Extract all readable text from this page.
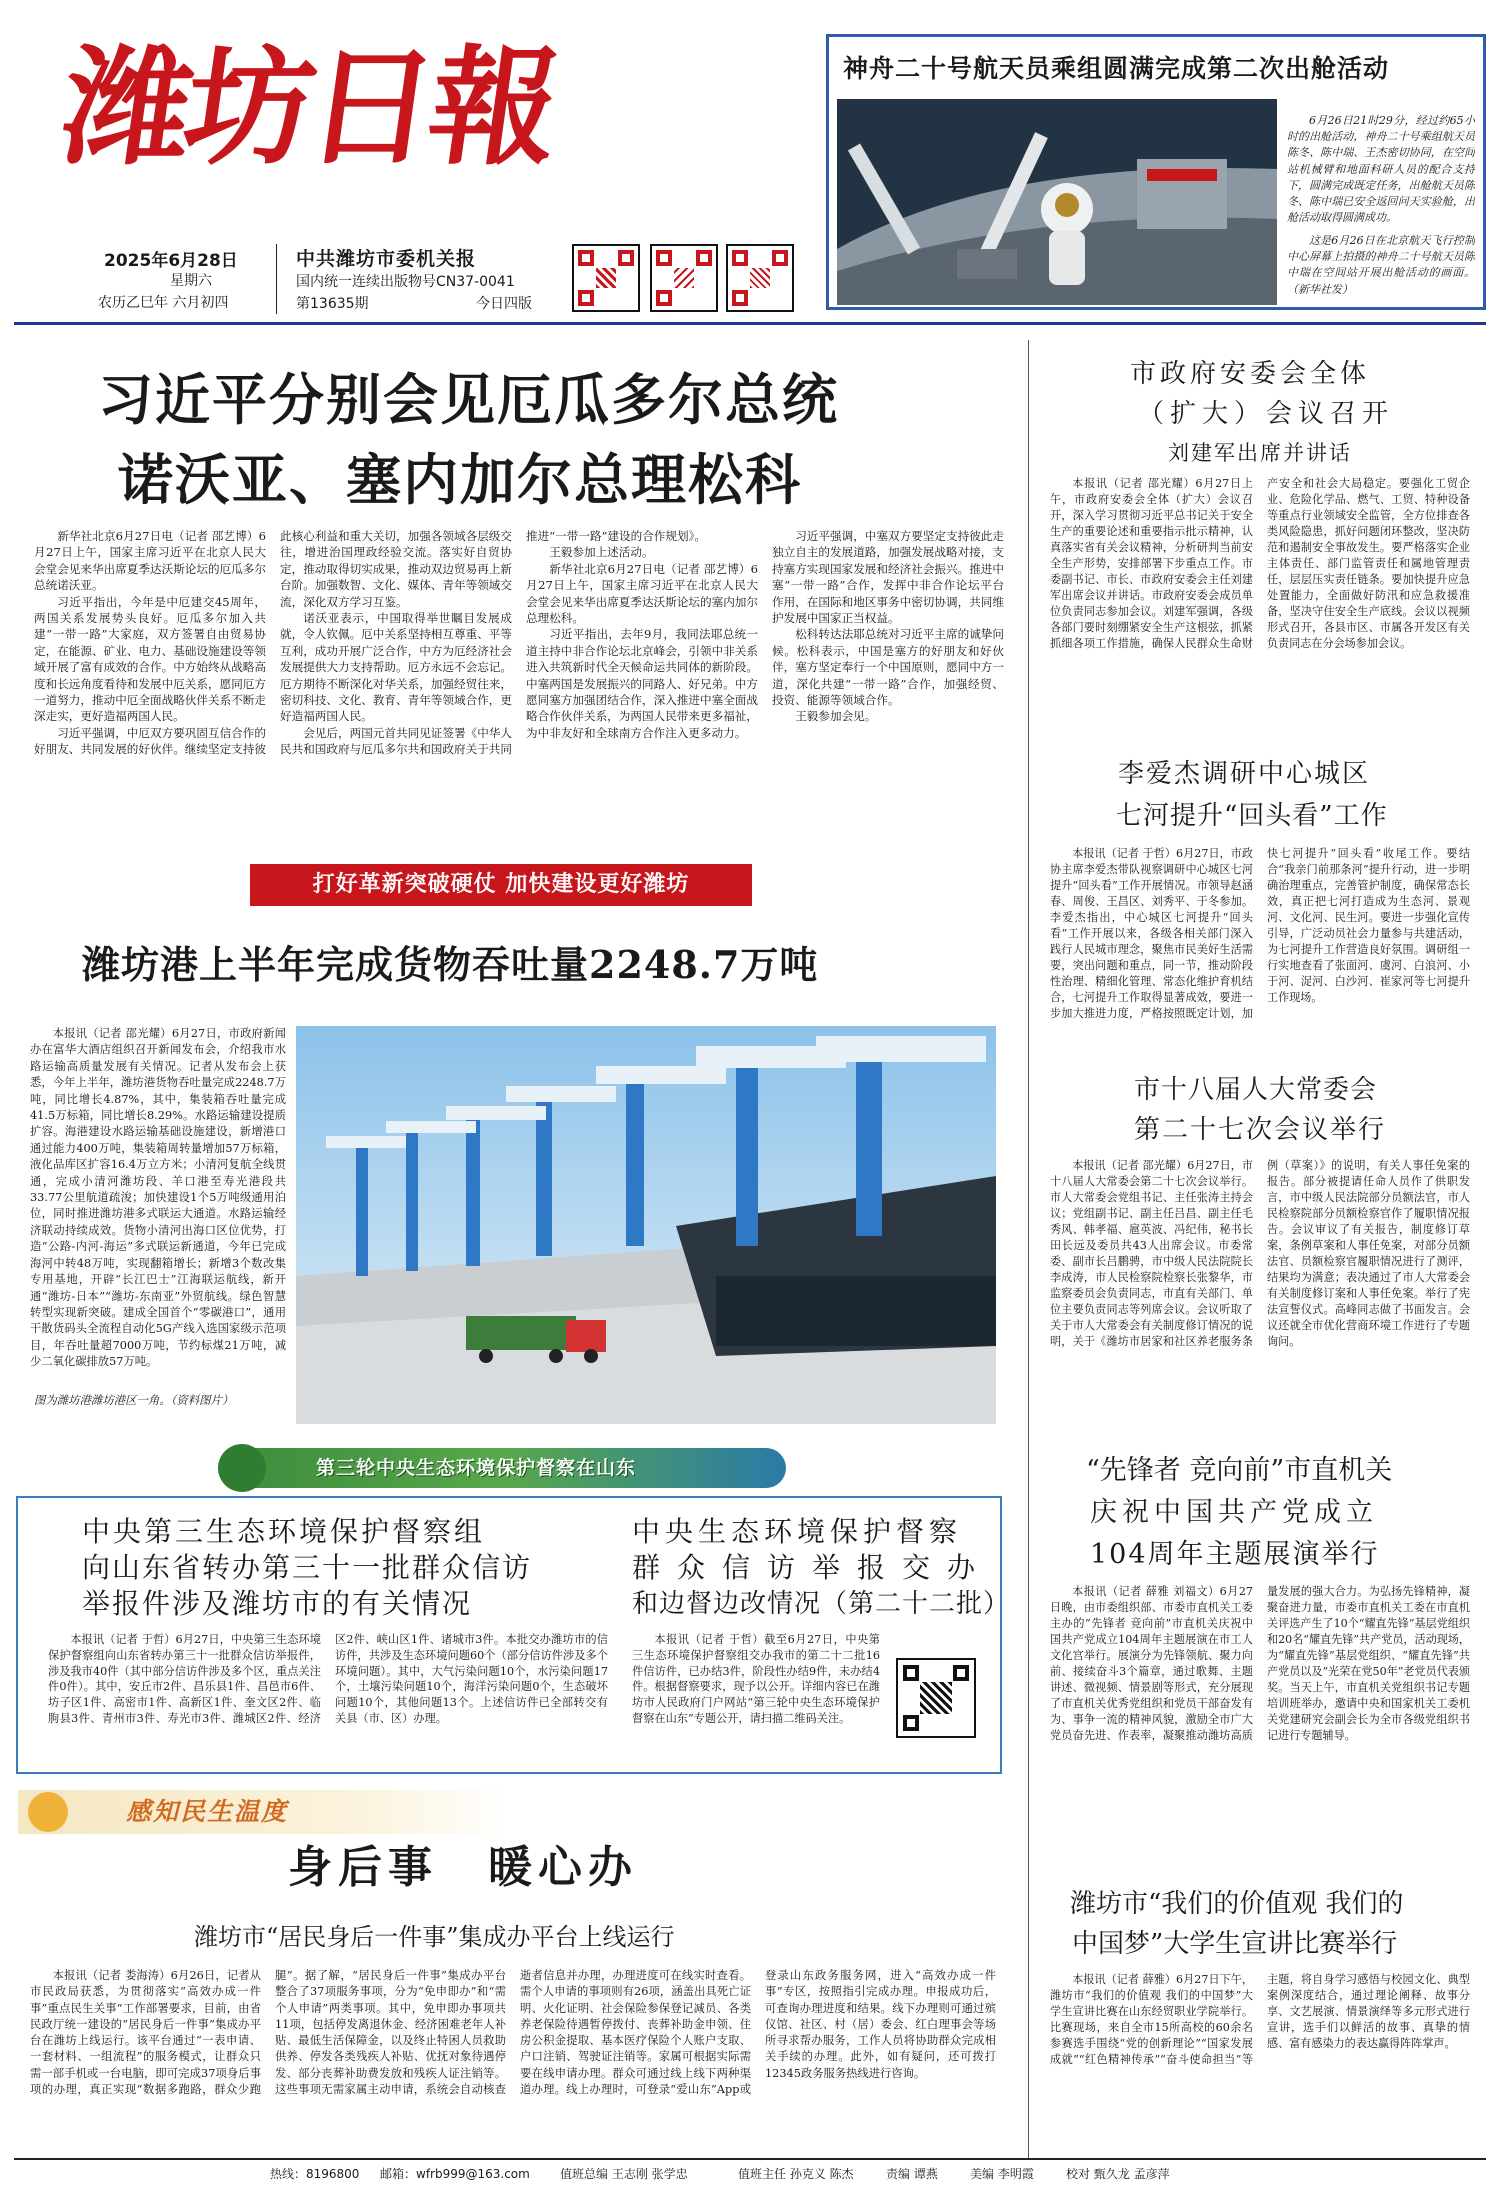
潍坊日報
2025年6月28日
星期六
农历乙巳年 六月初四
中共潍坊市委机关报
国内统一连续出版物号CN37-0041
第13635期	今日四版
神舟二十号航天员乘组圆满完成第二次出舱活动
6月26日21时29分，经过约65小时的出舱活动，神舟二十号乘组航天员陈冬、陈中瑞、王杰密切协同，在空间站机械臂和地面科研人员的配合支持下，圆满完成既定任务，出舱航天员陈冬、陈中瑞已安全返回问天实验舱，出舱活动取得圆满成功。
这是6月26日在北京航天飞行控制中心屏幕上拍摄的神舟二十号航天员陈中瑞在空间站开展出舱活动的画面。 （新华社发）
习近平分别会见厄瓜多尔总统
诺沃亚、塞内加尔总理松科

新华社北京6月27日电（记者 邵艺博）6月27日上午，国家主席习近平在北京人民大会堂会见来华出席夏季达沃斯论坛的厄瓜多尔总统诺沃亚。

习近平指出，今年是中厄建交45周年，两国关系发展势头良好。厄瓜多尔加入共建“一带一路”大家庭，双方签署自由贸易协定，在能源、矿业、电力、基础设施建设等领域开展了富有成效的合作。中方始终从战略高度和长远角度看待和发展中厄关系，愿同厄方一道努力，推动中厄全面战略伙伴关系不断走深走实，更好造福两国人民。

习近平强调，中厄双方要巩固互信合作的好朋友、共同发展的好伙伴。继续坚定支持彼此核心利益和重大关切，加强各领域各层级交往，增进治国理政经验交流。落实好自贸协定，推动取得切实成果，推动双边贸易再上新台阶。加强数智、文化、媒体、青年等领域交流，深化双方学习互鉴。

诺沃亚表示，中国取得举世瞩目发展成就，令人钦佩。厄中关系坚持相互尊重、平等互利，成功开展广泛合作，中方为厄经济社会发展提供大力支持帮助。厄方永远不会忘记。厄方期待不断深化对华关系，加强经贸往来，密切科技、文化、教育、青年等领域合作，更好造福两国人民。

会见后，两国元首共同见证签署《中华人民共和国政府与厄瓜多尔共和国政府关于共同推进“一带一路”建设的合作规划》。

王毅参加上述活动。

新华社北京6月27日电（记者 邵艺博）6月27日上午，国家主席习近平在北京人民大会堂会见来华出席夏季达沃斯论坛的塞内加尔总理松科。

习近平指出，去年9月，我同法耶总统一道主持中非合作论坛北京峰会，引领中非关系进入共筑新时代全天候命运共同体的新阶段。中塞两国是发展振兴的同路人、好兄弟。中方愿同塞方加强团结合作，深入推进中塞全面战略合作伙伴关系，为两国人民带来更多福祉，为中非友好和全球南方合作注入更多动力。

习近平强调，中塞双方要坚定支持彼此走独立自主的发展道路，加强发展战略对接，支持塞方实现国家发展和经济社会振兴。推进中塞“一带一路”合作，发挥中非合作论坛平台作用，在国际和地区事务中密切协调，共同维护发展中国家正当权益。

松科转达法耶总统对习近平主席的诚挚问候。松科表示，中国是塞方的好朋友和好伙伴，塞方坚定奉行一个中国原则，愿同中方一道，深化共建“一带一路”合作，加强经贸、投资、能源等领域合作。

王毅参加会见。

打好革新突破硬仗 加快建设更好潍坊
潍坊港上半年完成货物吞吐量2248.7万吨
本报讯（记者 邵光耀）6月27日，市政府新闻办在富华大酒店组织召开新闻发布会，介绍我市水路运输高质量发展有关情况。记者从发布会上获悉，今年上半年，潍坊港货物吞吐量完成2248.7万吨，同比增长4.87%，其中，集装箱吞吐量完成41.5万标箱，同比增长8.29%。水路运输建设提质扩容。海港建设水路运输基础设施建设，新增港口通过能力400万吨，集装箱周转量增加57万标箱，液化品库区扩容16.4万立方米；小清河复航全线贯通，完成小清河潍坊段、羊口港至寿光港段共33.77公里航道疏浚；加快建设1个5万吨级通用泊位，同时推进潍坊港多式联运大通道。水路运输经济联动持续成效。货物小清河出海口区位优势，打造“公路-内河-海运”多式联运新通道，今年已完成海河中转48万吨，实现翻箱增长；新增3个数改集专用基地，开辟“长江巴士”江海联运航线，新开通“潍坊-日本”“潍坊-东南亚”外贸航线。绿色智慧转型实现新突破。建成全国首个“零碳港口”，通用干散货码头全流程自动化5G产线入选国家级示范项目，年吞吐量超7000万吨，节约标煤21万吨，减少二氧化碳排放57万吨。
图为潍坊港潍坊港区一角。（资料图片）
第三轮中央生态环境保护督察在山东
中央第三生态环境保护督察组
向山东省转办第三十一批群众信访
举报件涉及潍坊市的有关情况
本报讯（记者 于哲）6月27日，中央第三生态环境保护督察组向山东省转办第三十一批群众信访举报件，涉及我市40件（其中部分信访件涉及多个区，重点关注件0件）。其中，安丘市2件、昌乐县1件、昌邑市6件、坊子区1件、高密市1件、高新区1件、奎文区2件、临朐县3件、青州市3件、寿光市3件、潍城区2件、经济区2件、峡山区1件、诸城市3件。本批交办潍坊市的信访件，共涉及生态环境问题60个（部分信访件涉及多个环境问题）。其中，大气污染问题10个，水污染问题17个，土壤污染问题10个，海洋污染问题0个，生态破坏问题10个，其他问题13个。上述信访件已全部转交有关县（市、区）办理。
中央生态环境保护督察
群众信访举报交办
和边督边改情况（第二十二批）
本报讯（记者 于哲）截至6月27日，中央第三生态环境保护督察组交办我市的第二十二批16件信访件，已办结3件，阶段性办结9件，未办结4件。根据督察要求，现予以公开。详细内容已在潍坊市人民政府门户网站“第三轮中央生态环境保护督察在山东”专题公开，请扫描二维码关注。
感知民生温度
身后事　暖心办
潍坊市“居民身后一件事”集成办平台上线运行
本报讯（记者 娄海涛）6月26日，记者从市民政局获悉，为贯彻落实“高效办成一件事”重点民生关事“工作部署要求，目前，由省民政厅统一建设的“居民身后一件事”集成办平台在潍坊上线运行。该平台通过“一表申请、一套材料、一组流程”的服务模式，让群众只需一部手机或一台电脑，即可完成37项身后事项的办理，真正实现“数据多跑路，群众少跑腿”。据了解，“居民身后一件事”集成办平台整合了37项服务事项，分为“免申即办”和“需个人申请”两类事项。其中，免申即办事项共11项，包括停发离退休金、经济困难老年人补贴、最低生活保障金，以及终止特困人员救助供养、停发各类残疾人补贴、优抚对象待遇停发、部分丧葬补助费发放和残疾人证注销等。这些事项无需家属主动申请，系统会自动核查逝者信息并办理，办理进度可在线实时查看。需个人申请的事项则有26项，涵盖出具死亡证明、火化证明、社会保险参保登记减员、各类养老保险待遇暂停拨付、丧葬补助金申领、住房公积金提取、基本医疗保险个人账户支取、户口注销、驾驶证注销等。家属可根据实际需要在线申请办理。群众可通过线上线下两种渠道办理。线上办理时，可登录“爱山东”App或登录山东政务服务网，进入“高效办成一件事”专区，按照指引完成办理。申报成功后，可查询办理进度和结果。线下办理则可通过殡仪馆、社区、村（居）委会、红白理事会等场所寻求帮办服务，工作人员将协助群众完成相关手续的办理。此外，如有疑问，还可拨打12345政务服务热线进行咨询。
市政府安委会全体
（扩大）会议召开
刘建军出席并讲话
本报讯（记者 邵光耀）6月27日上午，市政府安委会全体（扩大）会议召开，深入学习贯彻习近平总书记关于安全生产的重要论述和重要指示批示精神，认真落实省有关会议精神，分析研判当前安全生产形势，安排部署下步重点工作。市委副书记、市长、市政府安委会主任刘建军出席会议并讲话。市政府安委会成员单位负责同志参加会议。刘建军强调，各级各部门要时刻绷紧安全生产这根弦，抓紧抓细各项工作措施，确保人民群众生命财产安全和社会大局稳定。要强化工贸企业、危险化学品、燃气、工贸、特种设备等重点行业领域安全监管，全方位排查各类风险隐患，抓好问题闭环整改，坚决防范和遏制安全事故发生。要严格落实企业主体责任、部门监管责任和属地管理责任，层层压实责任链条。要加快提升应急处置能力，全面做好防汛和应急救援准备，坚决守住安全生产底线。会议以视频形式召开，各县市区、市属各开发区有关负责同志在分会场参加会议。
李爱杰调研中心城区
七河提升“回头看”工作
本报讯（记者 于哲）6月27日，市政协主席李爱杰带队视察调研中心城区七河提升“回头看”工作开展情况。市领导赵涵春、周俊、王昌区、刘秀平、于冬参加。李爱杰指出，中心城区七河提升“回头看”工作开展以来，各级各相关部门深入践行人民城市理念，聚焦市民美好生活需要，突出问题和重点，同一节，推动阶段性治理、精细化管理、常态化维护育机结合，七河提升工作取得显著成效，要进一步加大推进力度，严格按照既定计划，加快七河提升“回头看”收尾工作。要结合“我亲门前那条河”提升行动，进一步明确治理重点，完善管护制度，确保常态长效，真正把七河打造成为生态河、景观河、文化河、民生河。要进一步强化宣传引导，广泛动员社会力量参与共建活动，为七河提升工作营造良好氛围。调研组一行实地查看了张面河、虞河、白浪河、小于河、浞河、白沙河、崔家河等七河提升工作现场。
市十八届人大常委会
第二十七次会议举行
本报讯（记者 邵光耀）6月27日，市十八届人大常委会第二十七次会议举行。市人大常委会党组书记、主任张涛主持会议；党组副书记、副主任吕昌、副主任毛秀风、韩孝福、扈英波、冯纪伟，秘书长田长远及委员共43人出席会议。市委常委、副市长吕鹏骋，市中级人民法院院长李成涛，市人民检察院检察长张黎华，市监察委员会负责同志，市直有关部门、单位主要负责同志等列席会议。会议听取了关于市人大常委会有关制度修订情况的说明，关于《潍坊市居家和社区养老服务条例（草案）》的说明，有关人事任免案的报告。部分被提请任命人员作了供职发言，市中级人民法院部分员额法官，市人民检察院部分员额检察官作了履职情况报告。会议审议了有关报告，制度修订草案，条例草案和人事任免案，对部分员额法官、员额检察官履职情况进行了测评，结果均为满意；表决通过了市人大常委会有关制度修订案和人事任免案。举行了宪法宣誓仪式。高峰同志做了书面发言。会议还就全市优化营商环境工作进行了专题询问。
“先锋者 竞向前”市直机关
庆祝中国共产党成立
104周年主题展演举行
本报讯（记者 薛雅 刘福文）6月27日晚，由市委组织部、市委市直机关工委主办的“先锋者 竞向前”市直机关庆祝中国共产党成立104周年主题展演在市工人文化宫举行。展演分为先锋领航、聚力向前、接续奋斗3个篇章，通过歌舞、主题讲述、微视频、情景剧等形式，充分展现了市直机关优秀党组织和党员干部奋发有为、事争一流的精神风貌，激励全市广大党员奋先进、作表率，凝聚推动潍坊高质量发展的强大合力。为弘扬先锋精神，凝聚奋进力量，市委市直机关工委在市直机关评选产生了10个“耀直先锋”基层党组织和20名“耀直先锋”共产党员，活动现场，为“耀直先锋”基层党组织、“耀直先锋”共产党员以及“光荣在党50年”老党员代表颁奖。当天上午，市直机关党组织书记专题培训班举办，邀请中央和国家机关工委机关党建研究会副会长为全市各级党组织书记进行专题辅导。
潍坊市“我们的价值观 我们的
中国梦”大学生宣讲比赛举行
本报讯（记者 薛雅）6月27日下午，潍坊市“我们的价值观 我们的中国梦”大学生宣讲比赛在山东经贸职业学院举行。比赛现场，来自全市15所高校的60余名参赛选手围绕“党的创新理论”“国家发展成就”“红色精神传承”“奋斗使命担当”等主题，将自身学习感悟与校园文化、典型案例深度结合，通过理论阐释、故事分享、文艺展演、情景演绎等多元形式进行宣讲，选手们以鲜活的故事、真挚的情感、富有感染力的表达赢得阵阵掌声。
热线：8196800 邮箱：wfrb999@163.com	值班总编 王志刚 张学忠	值班主任 孙克义 陈杰	责编 谭燕	美编 李明霞	校对 甄久龙 孟彦萍
